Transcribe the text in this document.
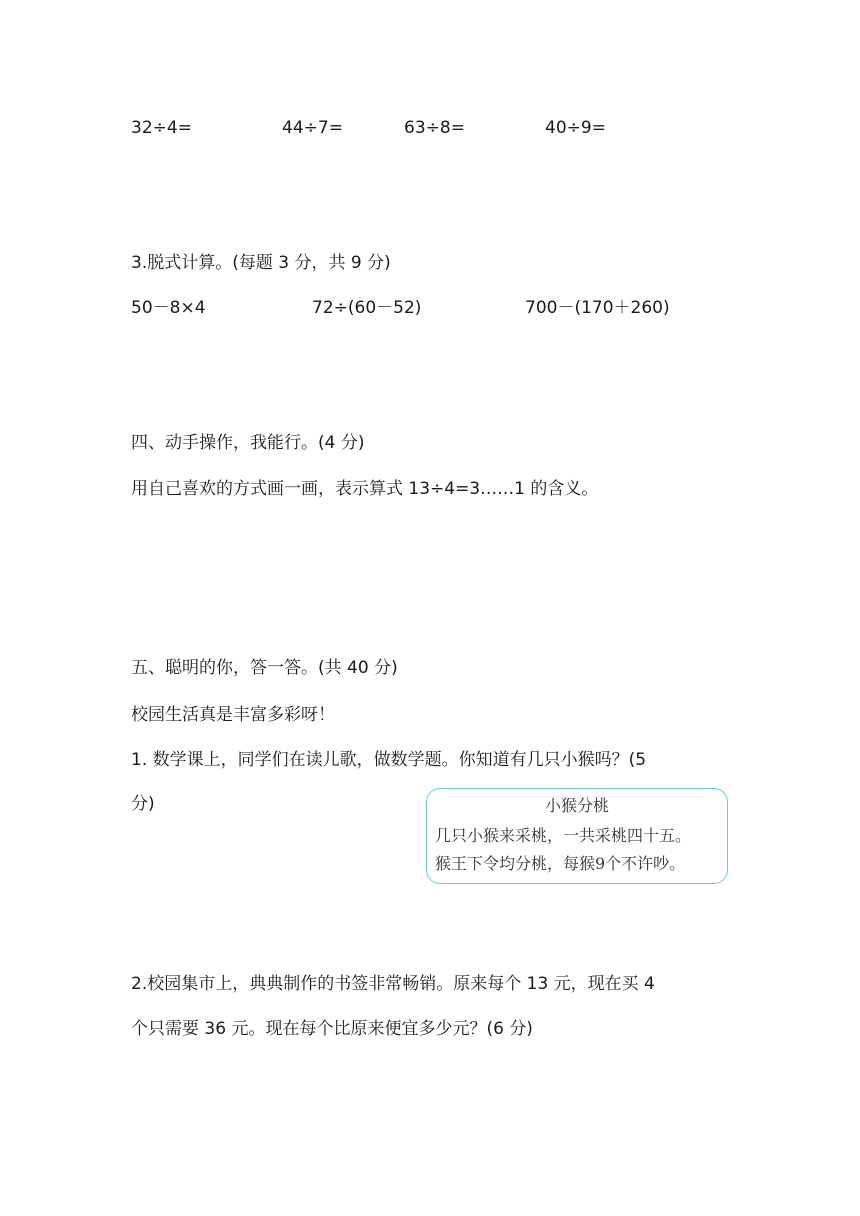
32÷4=	44÷7=	63÷8=	40÷9=
3.脱式计算。(每题 3 分，共 9 分)
50－8×4	72÷(60－52)	700－(170＋260)
四、动手操作，我能行。(4 分)
用自己喜欢的方式画一画，表示算式 13÷4=3……1 的含义。
五、聪明的你，答一答。(共 40 分)
校园生活真是丰富多彩呀！
1. 数学课上，同学们在读儿歌，做数学题。你知道有几只小猴吗？(5
分)	小猴分桃
几只小猴来采桃，一共采桃四十五。
猴王下令均分桃，每猴9个不许吵。
2.校园集市上，典典制作的书签非常畅销。原来每个 13 元，现在买 4
个只需要 36 元。现在每个比原来便宜多少元？(6 分)
